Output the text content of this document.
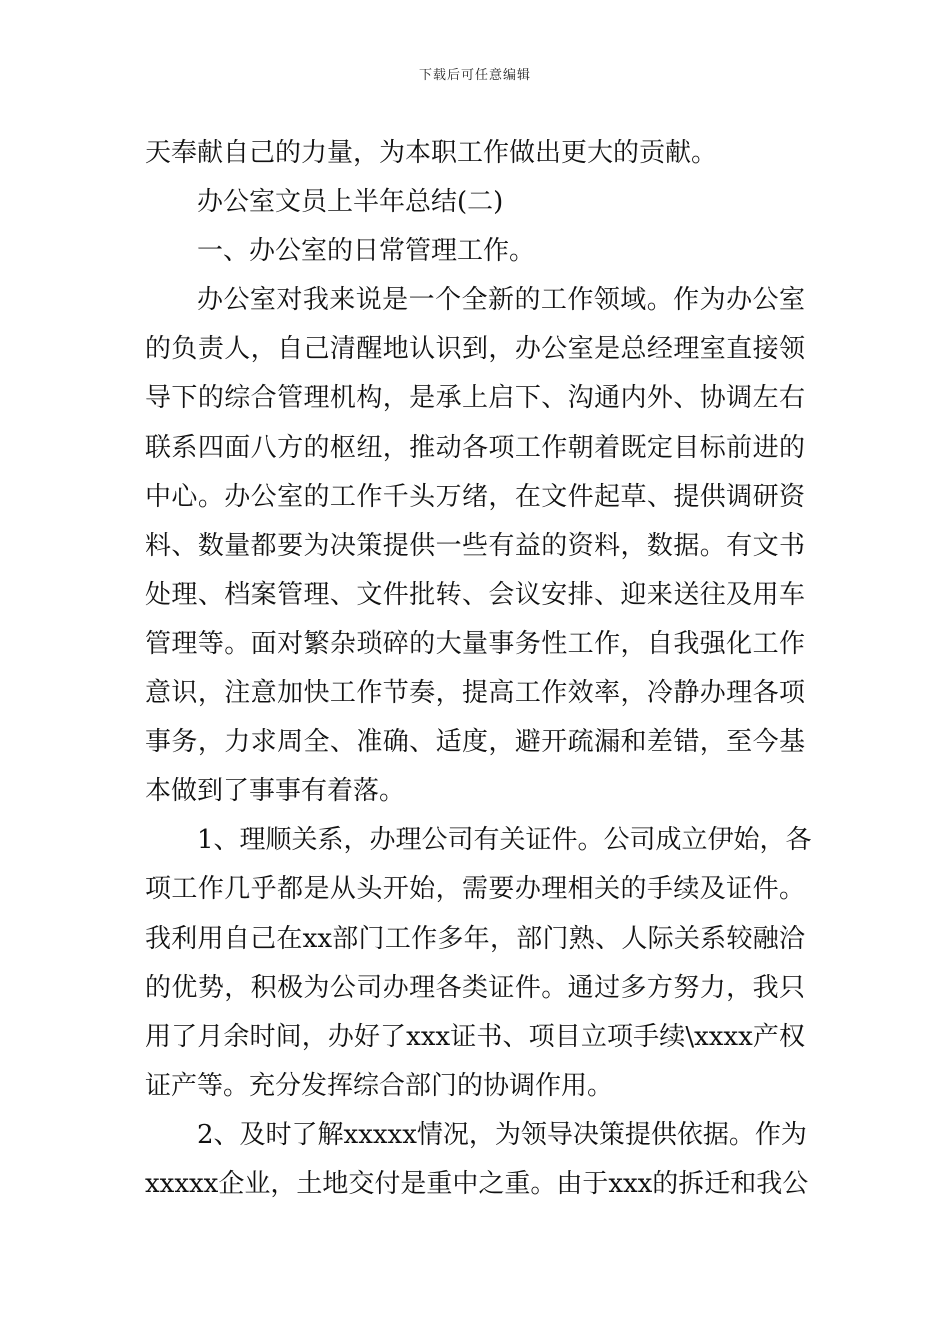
下载后可任意编辑
天奉献自己的力量，为本职工作做出更大的贡献。
办公室文员上半年总结(二)
一、办公室的日常管理工作。
办公室对我来说是一个全新的工作领域。作为办公室
的负责人，自己清醒地认识到，办公室是总经理室直接领
导下的综合管理机构，是承上启下、沟通内外、协调左右
联系四面八方的枢纽，推动各项工作朝着既定目标前进的
中心。办公室的工作千头万绪，在文件起草、提供调研资
料、数量都要为决策提供一些有益的资料，数据。有文书
处理、档案管理、文件批转、会议安排、迎来送往及用车
管理等。面对繁杂琐碎的大量事务性工作，自我强化工作
意识，注意加快工作节奏，提高工作效率，冷静办理各项
事务，力求周全、准确、适度，避开疏漏和差错，至今基
本做到了事事有着落。
1、理顺关系，办理公司有关证件。公司成立伊始，各
项工作几乎都是从头开始，需要办理相关的手续及证件。
我利用自己在xx部门工作多年，部门熟、人际关系较融洽
的优势，积极为公司办理各类证件。通过多方努力，我只
用了月余时间，办好了xxx证书、项目立项手续\xxxx产权
证产等。充分发挥综合部门的协调作用。
2、及时了解xxxxx情况，为领导决策提供依据。作为
xxxxx企业，土地交付是重中之重。由于xxx的拆迁和我公
